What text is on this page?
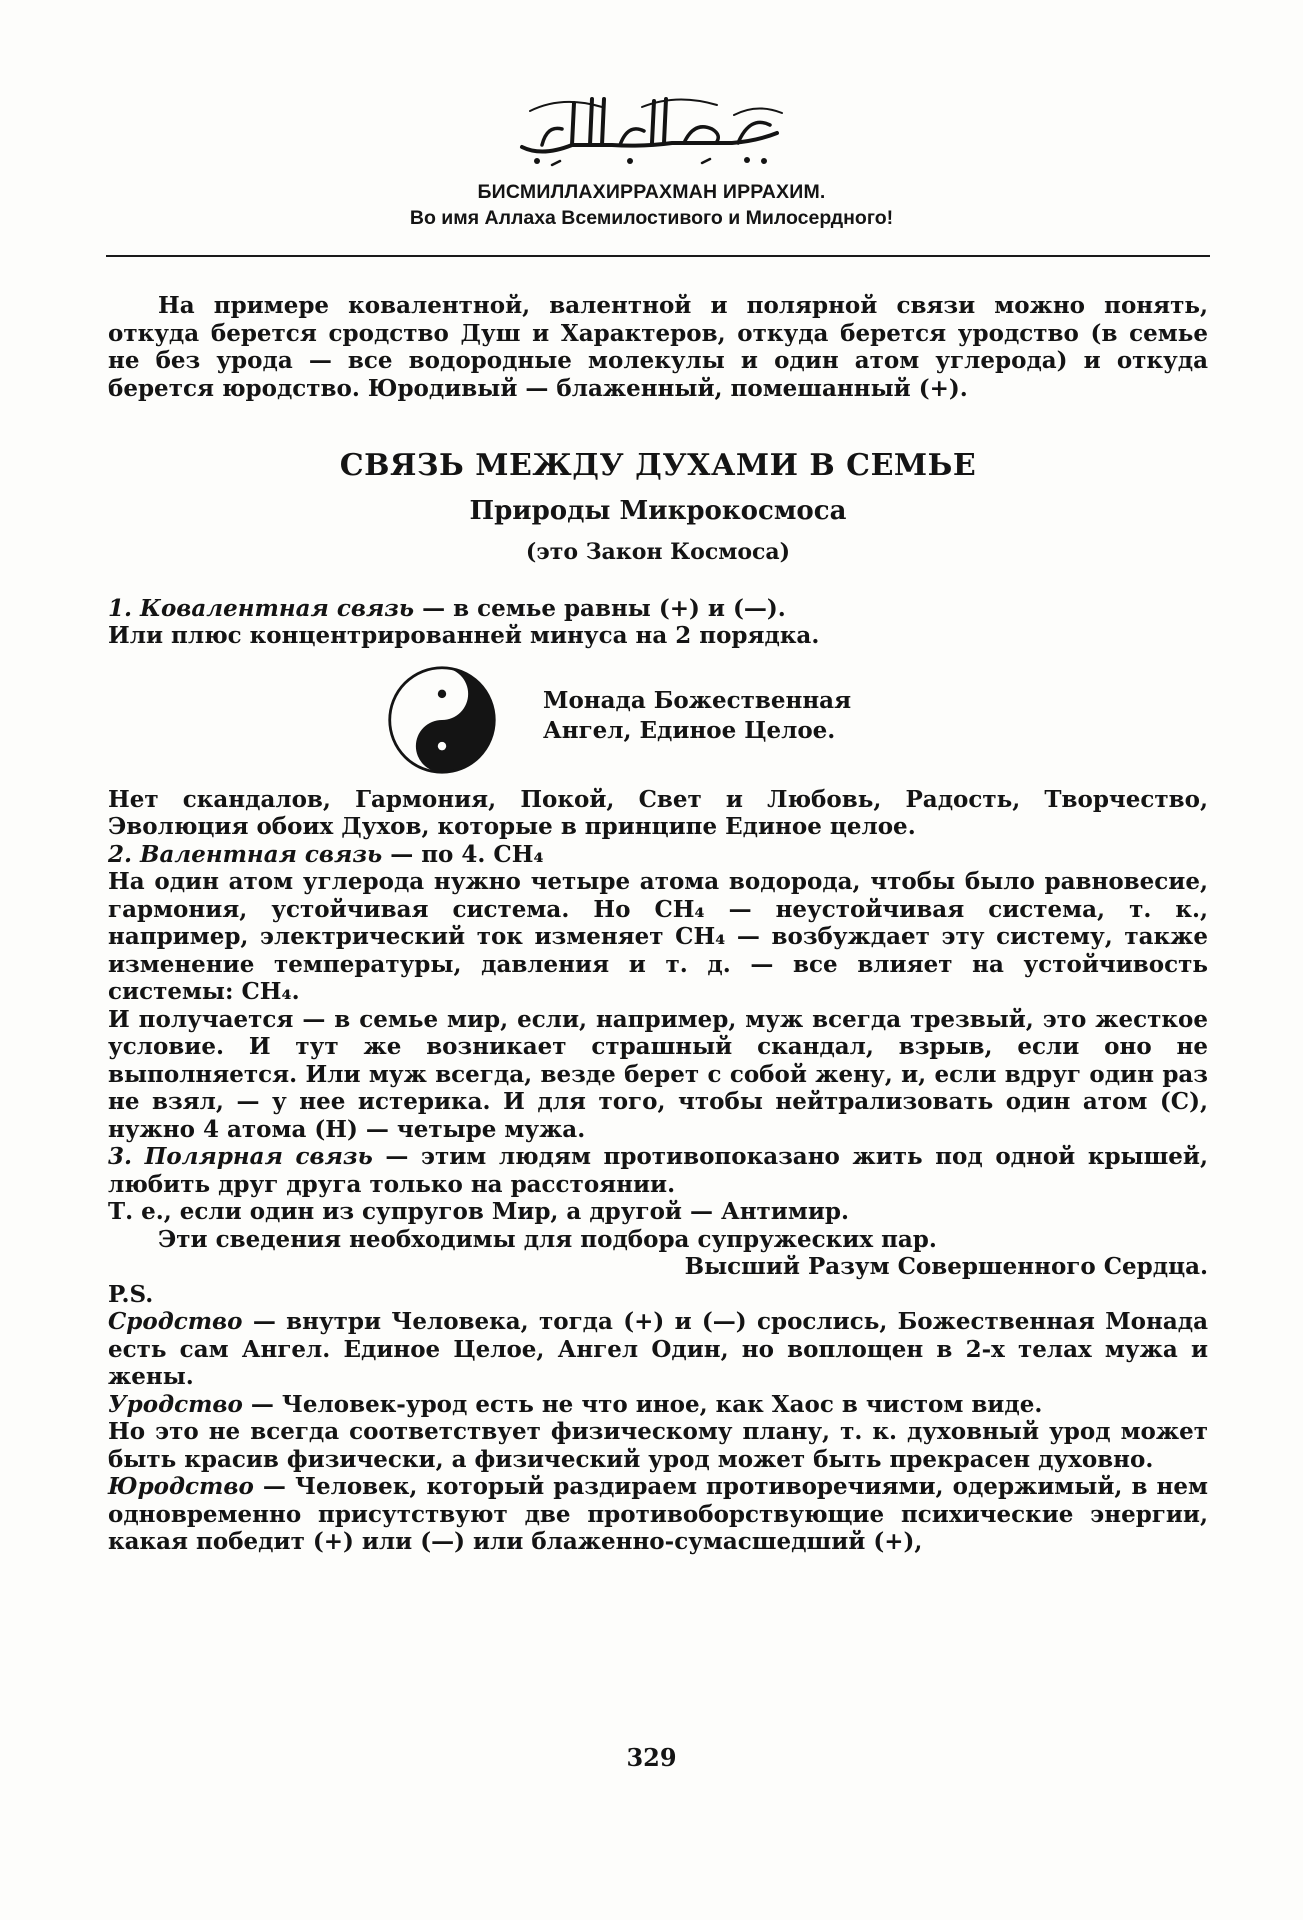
БИСМИЛЛАХИРРАХМАН ИРРАХИМ.
Во имя Аллаха Всемилостивого и Милосердного!

На примере ковалентной, валентной и полярной связи можно понять, откуда берется сродство Душ и Характеров, откуда берется уродство (в семье не без урода — все водородные молекулы и один атом углерода) и откуда берется юродство. Юродивый — блаженный, помешанный (+).

СВЯЗЬ МЕЖДУ ДУХАМИ В СЕМЬЕ
Природы Микрокосмоса
(это Закон Космоса)

1. Ковалентная связь — в семье равны (+) и (—).

Или плюс концентрированней минуса на 2 порядка.

Монада Божественная
Ангел, Единое Целое.

Нет скандалов, Гармония, Покой, Свет и Любовь, Радость, Творчество, Эволюция обоих Духов, которые в принципе Единое целое.

2. Валентная связь — по 4. CH₄

На один атом углерода нужно четыре атома водорода, чтобы было равновесие, гармония, устойчивая система. Но CH₄ — неустойчивая система, т. к., например, электрический ток изменяет CH₄ — возбуждает эту систему, также изменение температуры, давления и т. д. — все влияет на устойчивость системы: CH₄.

И получается — в семье мир, если, например, муж всегда трезвый, это жесткое условие. И тут же возникает страшный скандал, взрыв, если оно не выполняется. Или муж всегда, везде берет с собой жену, и, если вдруг один раз не взял, — у нее истерика. И для того, чтобы нейтрализовать один атом (C), нужно 4 атома (H) — четыре мужа.

3. Полярная связь — этим людям противопоказано жить под одной крышей, любить друг друга только на расстоянии.

Т. е., если один из супругов Мир, а другой — Антимир.

Эти сведения необходимы для подбора супружеских пар.

Высший Разум Совершенного Сердца.

P.S.

Сродство — внутри Человека, тогда (+) и (—) срослись, Божественная Монада есть сам Ангел. Единое Целое, Ангел Один, но воплощен в 2-х телах мужа и жены.

Уродство — Человек-урод есть не что иное, как Хаос в чистом виде.

Но это не всегда соответствует физическому плану, т. к. духовный урод может быть красив физически, а физический урод может быть прекрасен духовно.

Юродство — Человек, который раздираем противоречиями, одержимый, в нем одновременно присутствуют две противоборствующие психические энергии, какая победит (+) или (—) или блаженно-сумасшедший (+),

329
